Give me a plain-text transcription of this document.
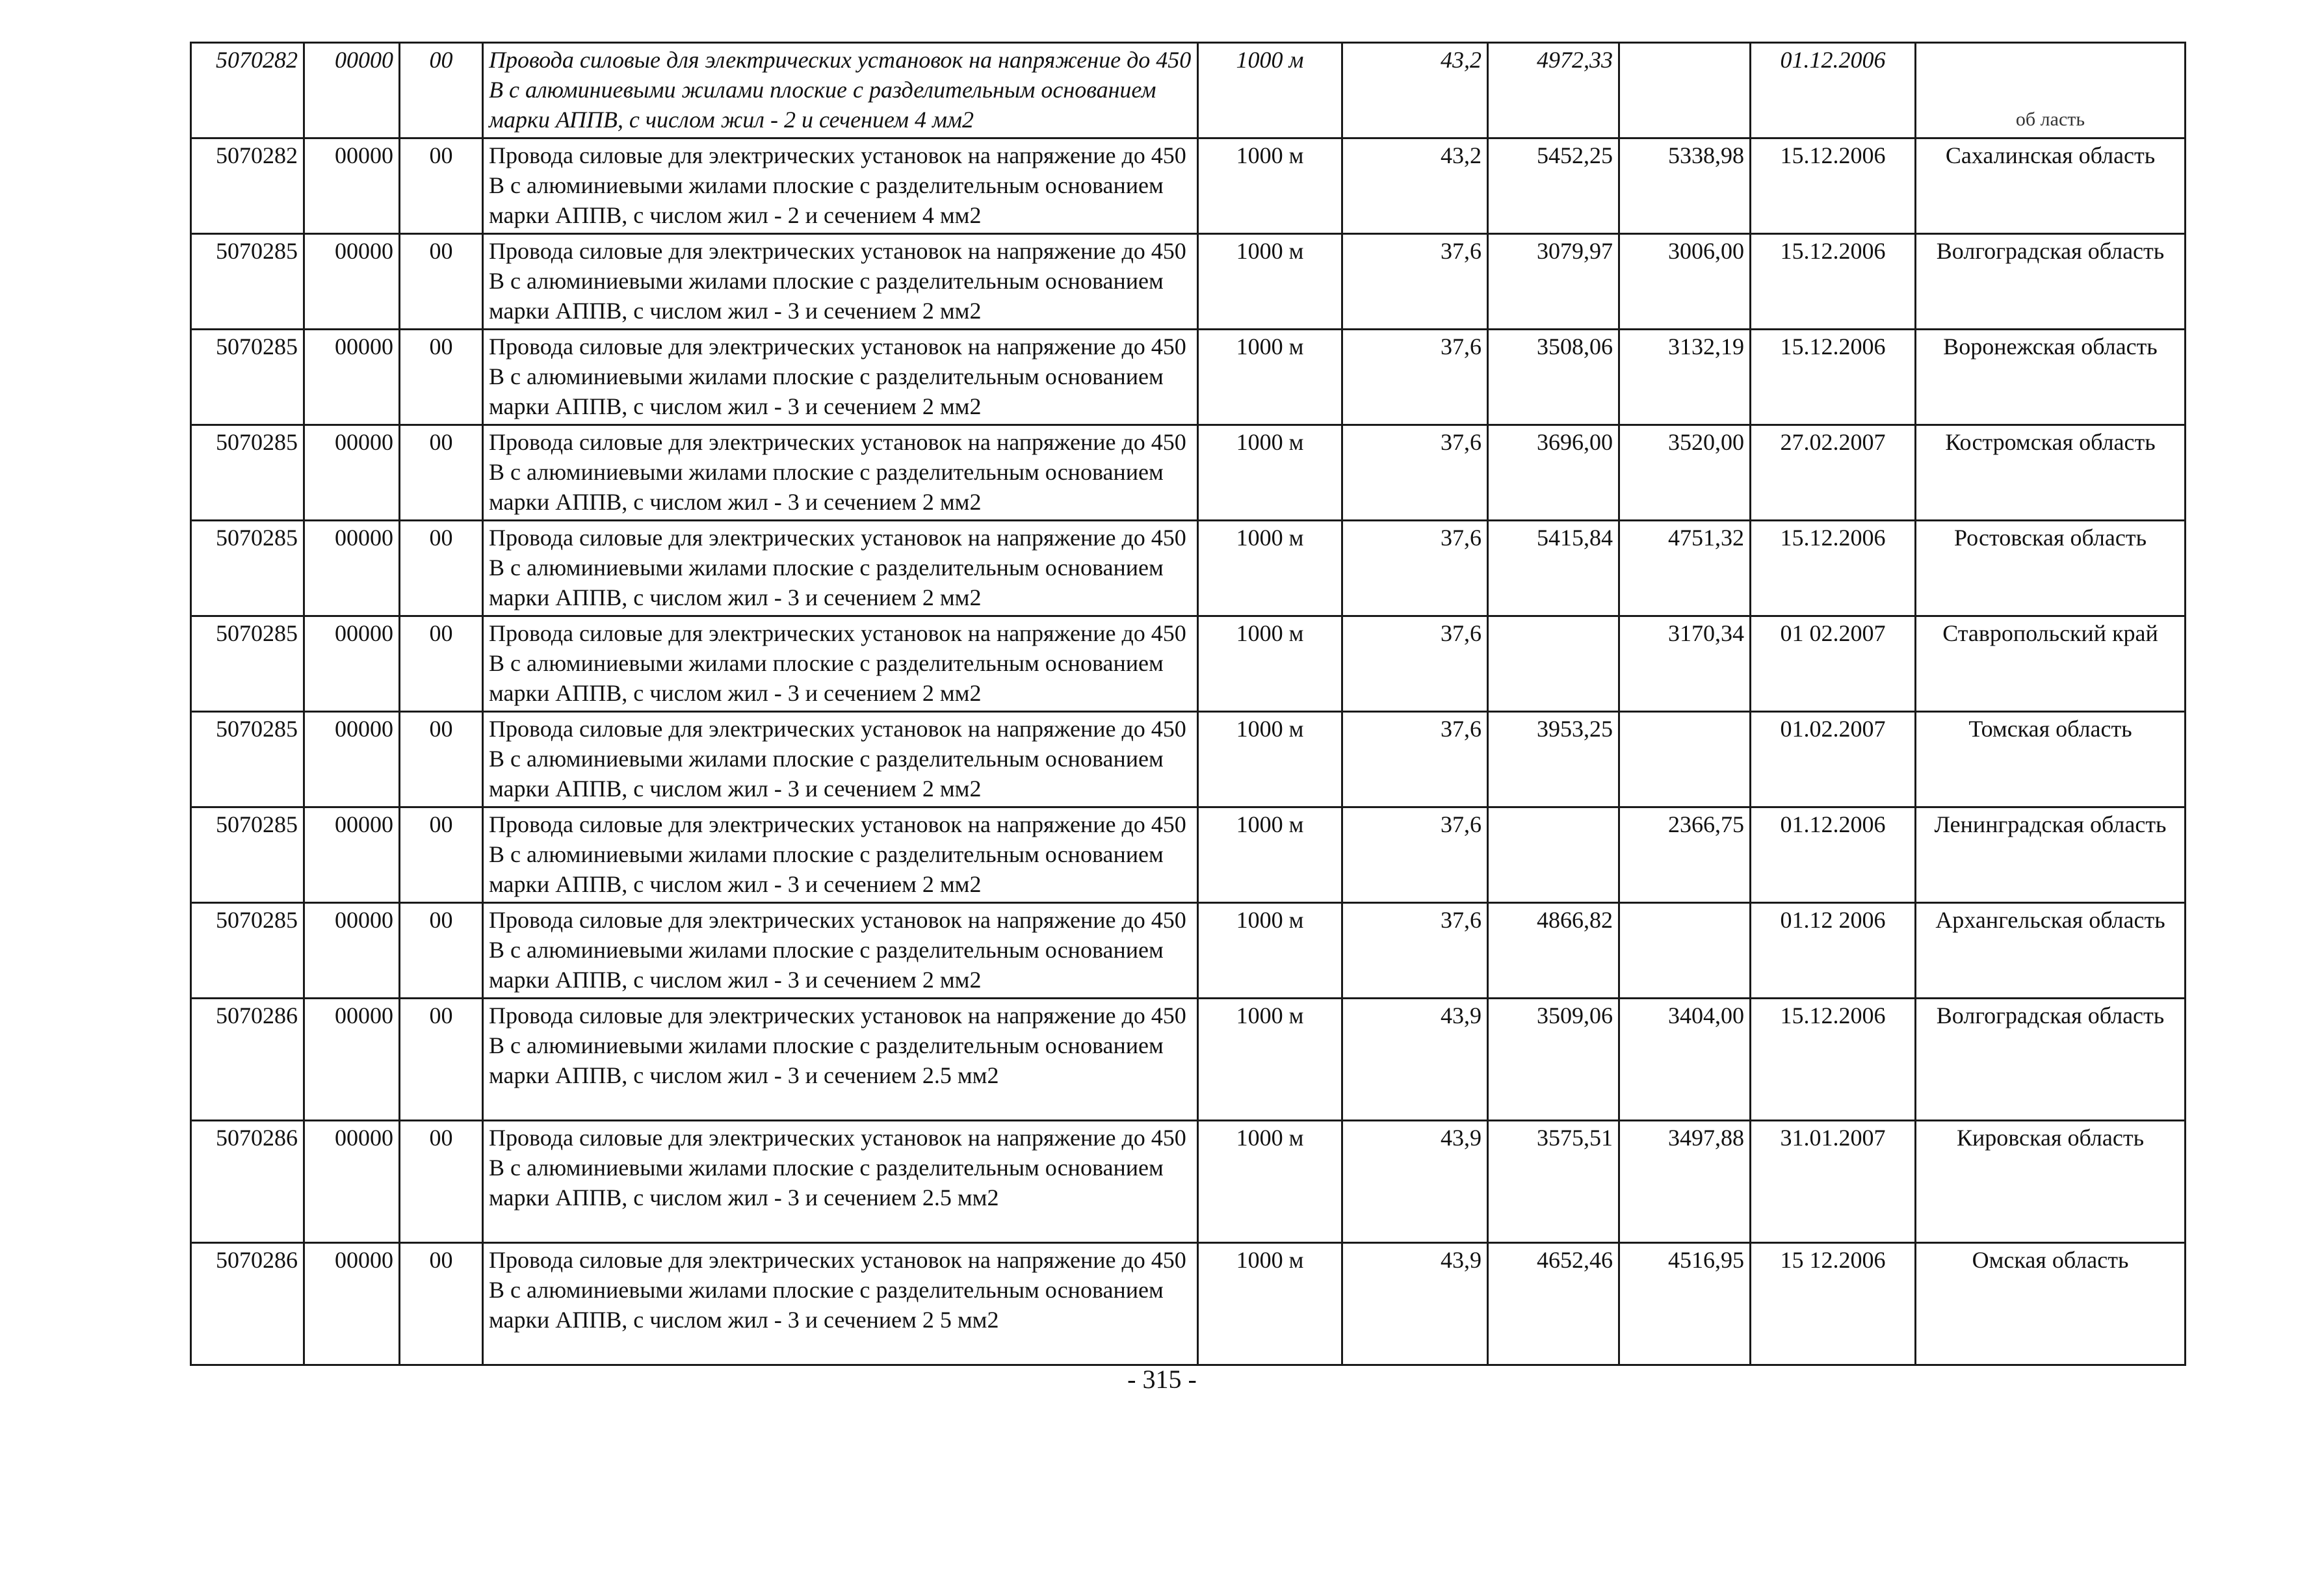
5070282	00000	00	Провода силовые для электрических установок на напряжение до 450 В с алюминиевыми жилами плоские с разделительным основанием марки АППВ, с числом жил - 2 и сечением 4 мм2	1000 м	43,2	4972,33		01.12.2006	об ласть
5070282	00000	00	Провода силовые для электрических установок на напряжение до 450 В с алюминиевыми жилами плоские с разделительным основанием марки АППВ, с числом жил - 2 и сечением 4 мм2	1000 м	43,2	5452,25	5338,98	15.12.2006	Сахалинская область
5070285	00000	00	Провода силовые для электрических установок на напряжение до 450 В с алюминиевыми жилами плоские с разделительным основанием марки АППВ, с числом жил - 3 и сечением 2 мм2	1000 м	37,6	3079,97	3006,00	15.12.2006	Волгоградская область
5070285	00000	00	Провода силовые для электрических установок на напряжение до 450 В с алюминиевыми жилами плоские с разделительным основанием марки АППВ, с числом жил - 3 и сечением 2 мм2	1000 м	37,6	3508,06	3132,19	15.12.2006	Воронежская область
5070285	00000	00	Провода силовые для электрических установок на напряжение до 450 В с алюминиевыми жилами плоские с разделительным основанием марки АППВ, с числом жил - 3 и сечением 2 мм2	1000 м	37,6	3696,00	3520,00	27.02.2007	Костромская область
5070285	00000	00	Провода силовые для электрических установок на напряжение до 450 В с алюминиевыми жилами плоские с разделительным основанием марки АППВ, с числом жил - 3 и сечением 2 мм2	1000 м	37,6	5415,84	4751,32	15.12.2006	Ростовская область
5070285	00000	00	Провода силовые для электрических установок на напряжение до 450 В с алюминиевыми жилами плоские с разделительным основанием марки АППВ, с числом жил - 3 и сечением 2 мм2	1000 м	37,6		3170,34	01 02.2007	Ставропольский край
5070285	00000	00	Провода силовые для электрических установок на напряжение до 450 В с алюминиевыми жилами плоские с разделительным основанием марки АППВ, с числом жил - 3 и сечением 2 мм2	1000 м	37,6	3953,25		01.02.2007	Томская область
5070285	00000	00	Провода силовые для электрических установок на напряжение до 450 В с алюминиевыми жилами плоские с разделительным основанием марки АППВ, с числом жил - 3 и сечением 2 мм2	1000 м	37,6		2366,75	01.12.2006	Ленинградская область
5070285	00000	00	Провода силовые для электрических установок на напряжение до 450 В с алюминиевыми жилами плоские с разделительным основанием марки АППВ, с числом жил - 3 и сечением 2 мм2	1000 м	37,6	4866,82		01.12 2006	Архангельская область
5070286	00000	00	Провода силовые для электрических установок на напряжение до 450 В с алюминиевыми жилами плоские с разделительным основанием марки АППВ, с числом жил - 3 и сечением 2.5 мм2	1000 м	43,9	3509,06	3404,00	15.12.2006	Волгоградская область
5070286	00000	00	Провода силовые для электрических установок на напряжение до 450 В с алюминиевыми жилами плоские с разделительным основанием марки АППВ, с числом жил - 3 и сечением 2.5 мм2	1000 м	43,9	3575,51	3497,88	31.01.2007	Кировская область
5070286	00000	00	Провода силовые для электрических установок на напряжение до 450 В с алюминиевыми жилами плоские с разделительным основанием марки АППВ, с числом жил - 3 и сечением 2 5 мм2	1000 м	43,9	4652,46	4516,95	15 12.2006	Омская область
- 315 -
